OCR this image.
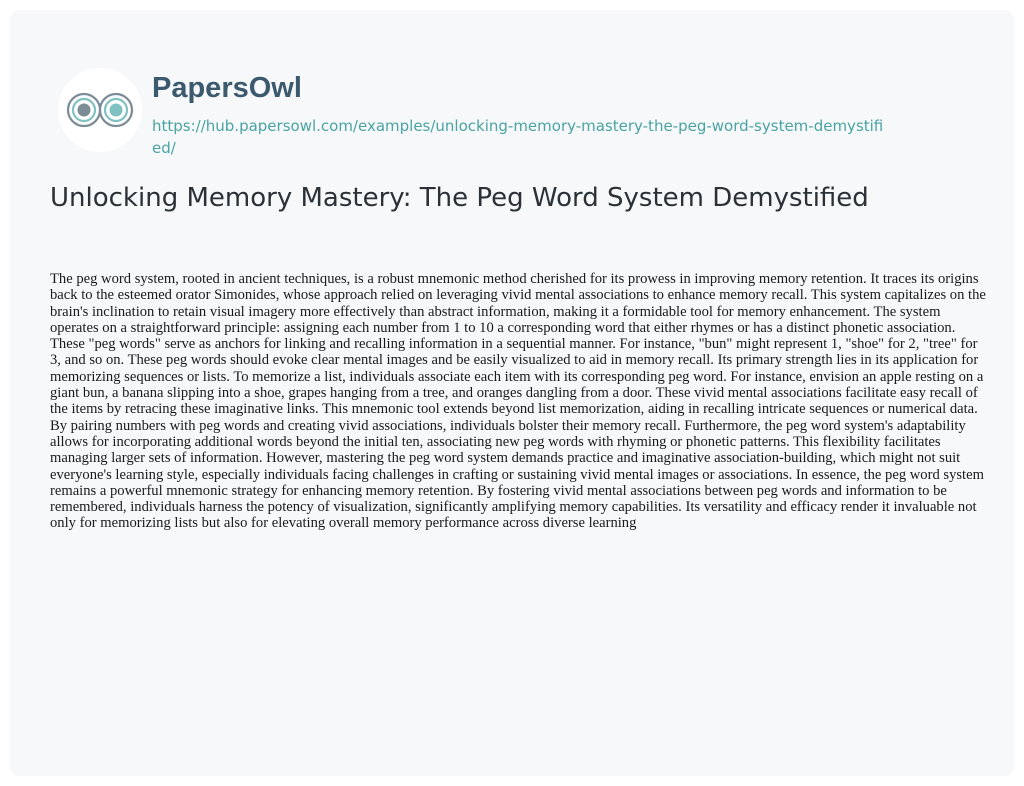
PapersOwl
https://hub.papersowl.com/examples/unlocking-memory-mastery-the-peg-word-system-demystified/
Unlocking Memory Mastery: The Peg Word System Demystified

The peg word system, rooted in ancient techniques, is a robust mnemonic method cherished for its prowess in improving memory retention. It traces its origins back to the esteemed orator Simonides, whose approach relied on leveraging vivid mental associations to enhance memory recall. This system capitalizes on the brain's inclination to retain visual imagery more effectively than abstract information, making it a formidable tool for memory enhancement. The system operates on a straightforward principle: assigning each number from 1 to 10 a corresponding word that either rhymes or has a distinct phonetic association. These "peg words" serve as anchors for linking and recalling information in a sequential manner. For instance, "bun" might represent 1, "shoe" for 2, "tree" for 3, and so on. These peg words should evoke clear mental images and be easily visualized to aid in memory recall. Its primary strength lies in its application for memorizing sequences or lists. To memorize a list, individuals associate each item with its corresponding peg word. For instance, envision an apple resting on a giant bun, a banana slipping into a shoe, grapes hanging from a tree, and oranges dangling from a door. These vivid mental associations facilitate easy recall of the items by retracing these imaginative links. This mnemonic tool extends beyond list memorization, aiding in recalling intricate sequences or numerical data. By pairing numbers with peg words and creating vivid associations, individuals bolster their memory recall. Furthermore, the peg word system's adaptability allows for incorporating additional words beyond the initial ten, associating new peg words with rhyming or phonetic patterns. This flexibility facilitates managing larger sets of information. However, mastering the peg word system demands practice and imaginative association-building, which might not suit everyone's learning style, especially individuals facing challenges in crafting or sustaining vivid mental images or associations. In essence, the peg word system remains a powerful mnemonic strategy for enhancing memory retention. By fostering vivid mental associations between peg words and information to be remembered, individuals harness the potency of visualization, significantly amplifying memory capabilities. Its versatility and efficacy render it invaluable not only for memorizing lists but also for elevating overall memory performance across diverse learning
